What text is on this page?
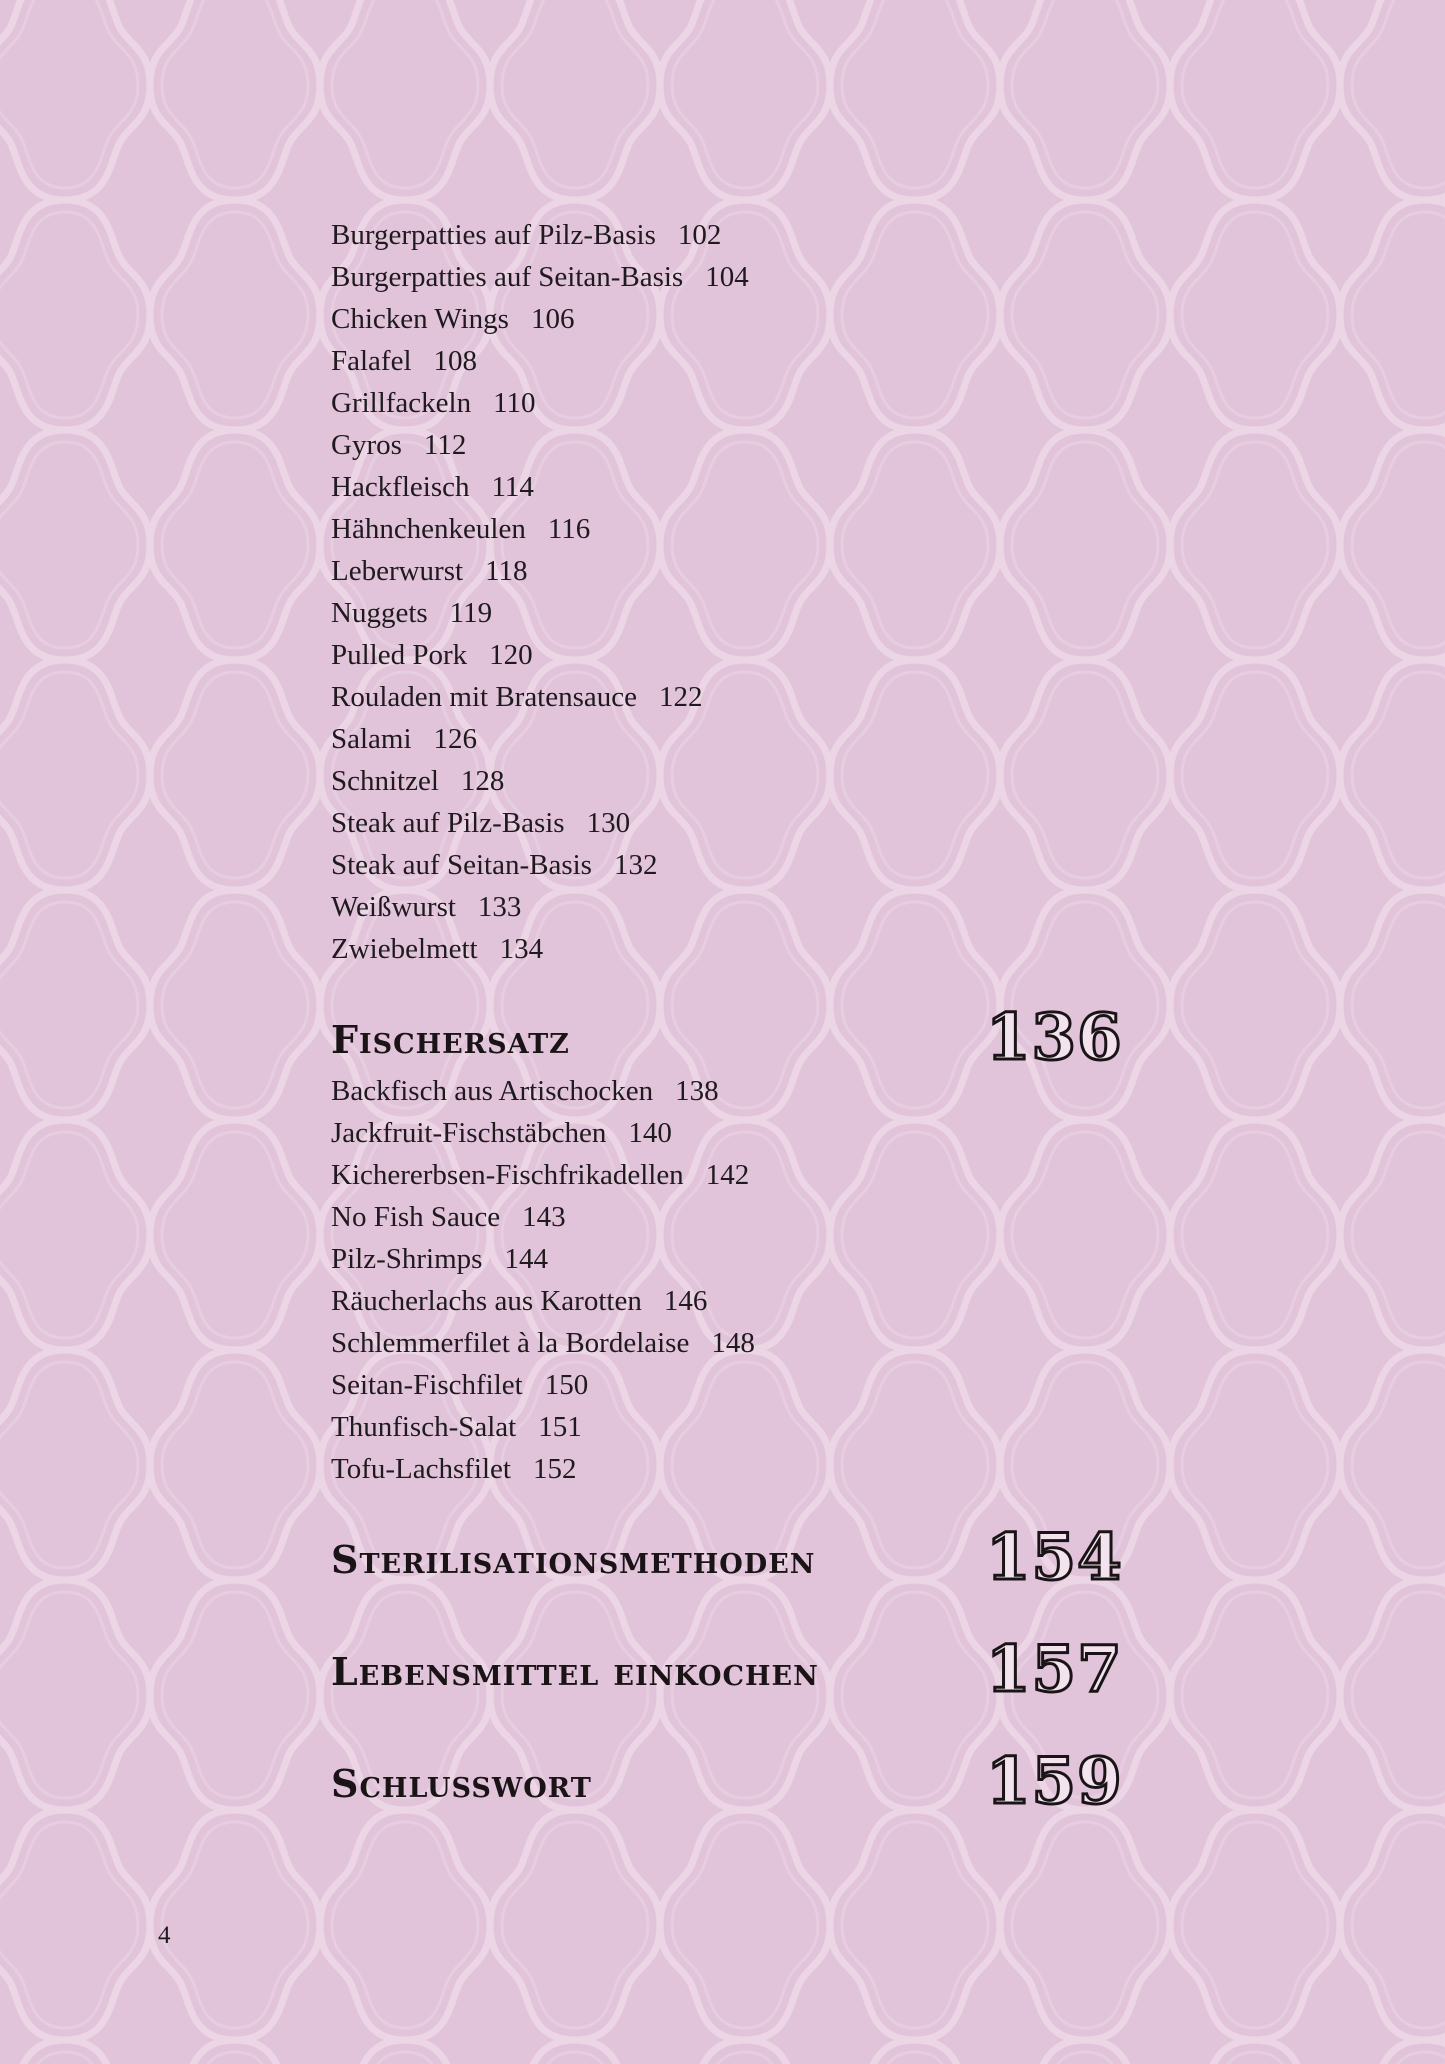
Burgerpatties auf Pilz-Basis 102
Burgerpatties auf Seitan-Basis 104
Chicken Wings 106
Falafel 108
Grillfackeln 110
Gyros 112
Hackfleisch 114
Hähnchenkeulen 116
Leberwurst 118
Nuggets 119
Pulled Pork 120
Rouladen mit Bratensauce 122
Salami 126
Schnitzel 128
Steak auf Pilz-Basis 130
Steak auf Seitan-Basis 132
Weißwurst 133
Zwiebelmett 134
Fischersatz	136
Backfisch aus Artischocken 138
Jackfruit-Fischstäbchen 140
Kichererbsen-Fischfrikadellen 142
No Fish Sauce 143
Pilz-Shrimps 144
Räucherlachs aus Karotten 146
Schlemmerfilet à la Bordelaise 148
Seitan-Fischfilet 150
Thunfisch-Salat 151
Tofu-Lachsfilet 152
Sterilisationsmethoden	154
Lebensmittel einkochen	157
Schlusswort	159
4
